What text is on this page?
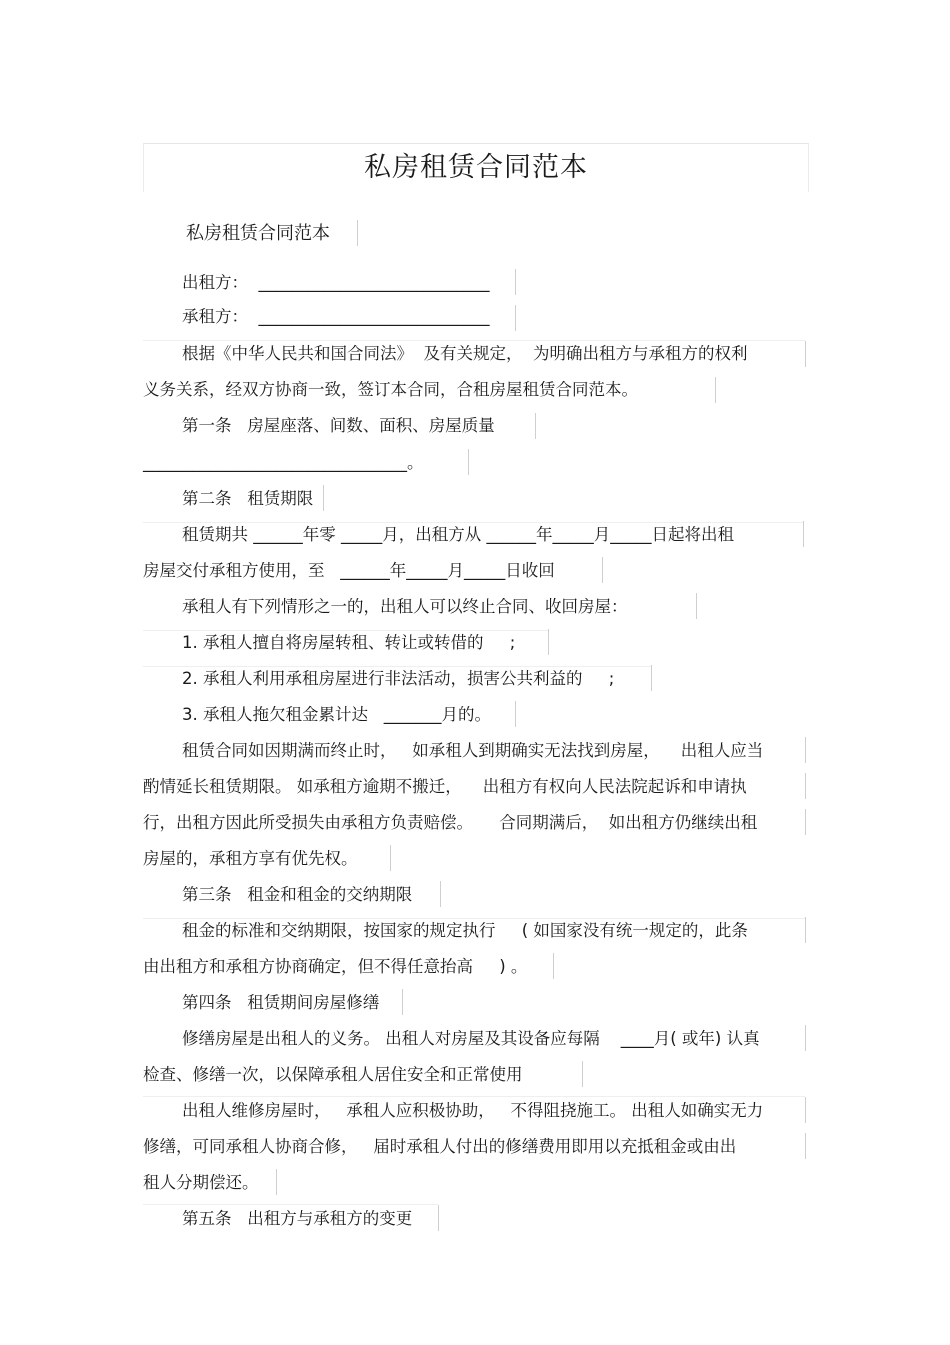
私房租赁合同范本
私房租赁合同范本
出租方：  ____________________________
承租方：  ____________________________
根据《中华人民共和国合同法》  及有关规定，  为明确出租方与承租方的权利
义务关系，经双方协商一致，签订本合同，合租房屋租赁合同范本。
第一条   房屋座落、间数、面积、房屋质量
________________________________。
第二条   租赁期限
租赁期共 ______年零 _____月，出租方从 ______年_____月_____日起将出租
房屋交付承租方使用，至   ______年_____月_____日收回
承租人有下列情形之一的，出租人可以终止合同、收回房屋：
1. 承租人擅自将房屋转租、转让或转借的     ;
2. 承租人利用承租房屋进行非法活动，损害公共利益的     ;
3. 承租人拖欠租金累计达   _______月的。
租赁合同如因期满而终止时，   如承租人到期确实无法找到房屋，    出租人应当
酌情延长租赁期限。 如承租方逾期不搬迁，    出租方有权向人民法院起诉和申请执
行，出租方因此所受损失由承租方负责赔偿。     合同期满后，  如出租方仍继续出租
房屋的，承租方享有优先权。
第三条   租金和租金的交纳期限
租金的标准和交纳期限，按国家的规定执行     ( 如国家没有统一规定的，此条
由出租方和承租方协商确定，但不得任意抬高     ) 。
第四条   租赁期间房屋修缮
修缮房屋是出租人的义务。 出租人对房屋及其设备应每隔    ____月( 或年) 认真
检查、修缮一次，以保障承租人居住安全和正常使用
出租人维修房屋时，   承租人应积极协助，   不得阻挠施工。 出租人如确实无力
修缮，可同承租人协商合修，   届时承租人付出的修缮费用即用以充抵租金或由出
租人分期偿还。
第五条   出租方与承租方的变更
